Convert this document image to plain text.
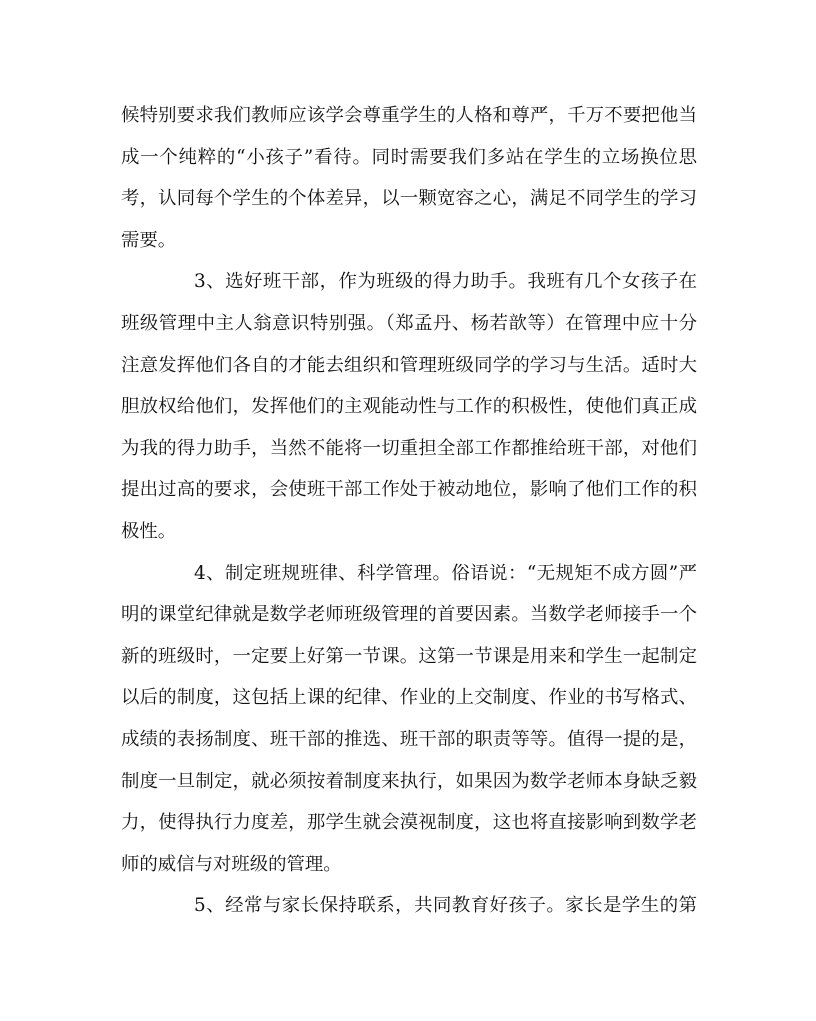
候特别要求我们教师应该学会尊重学生的人格和尊严，千万不要把他当
成一个纯粹的“小孩子”看待。同时需要我们多站在学生的立场换位思
考，认同每个学生的个体差异，以一颗宽容之心，满足不同学生的学习
需要。
3、选好班干部，作为班级的得力助手。我班有几个女孩子在
班级管理中主人翁意识特别强。（郑孟丹、杨若歆等）在管理中应十分
注意发挥他们各自的才能去组织和管理班级同学的学习与生活。适时大
胆放权给他们，发挥他们的主观能动性与工作的积极性，使他们真正成
为我的得力助手，当然不能将一切重担全部工作都推给班干部，对他们
提出过高的要求，会使班干部工作处于被动地位，影响了他们工作的积
极性。
4、制定班规班律、科学管理。俗语说：“无规矩不成方圆”严
明的课堂纪律就是数学老师班级管理的首要因素。当数学老师接手一个
新的班级时，一定要上好第一节课。这第一节课是用来和学生一起制定
以后的制度，这包括上课的纪律、作业的上交制度、作业的书写格式、
成绩的表扬制度、班干部的推选、班干部的职责等等。值得一提的是，
制度一旦制定，就必须按着制度来执行，如果因为数学老师本身缺乏毅
力，使得执行力度差，那学生就会漠视制度，这也将直接影响到数学老
师的威信与对班级的管理。
5、经常与家长保持联系，共同教育好孩子。家长是学生的第
